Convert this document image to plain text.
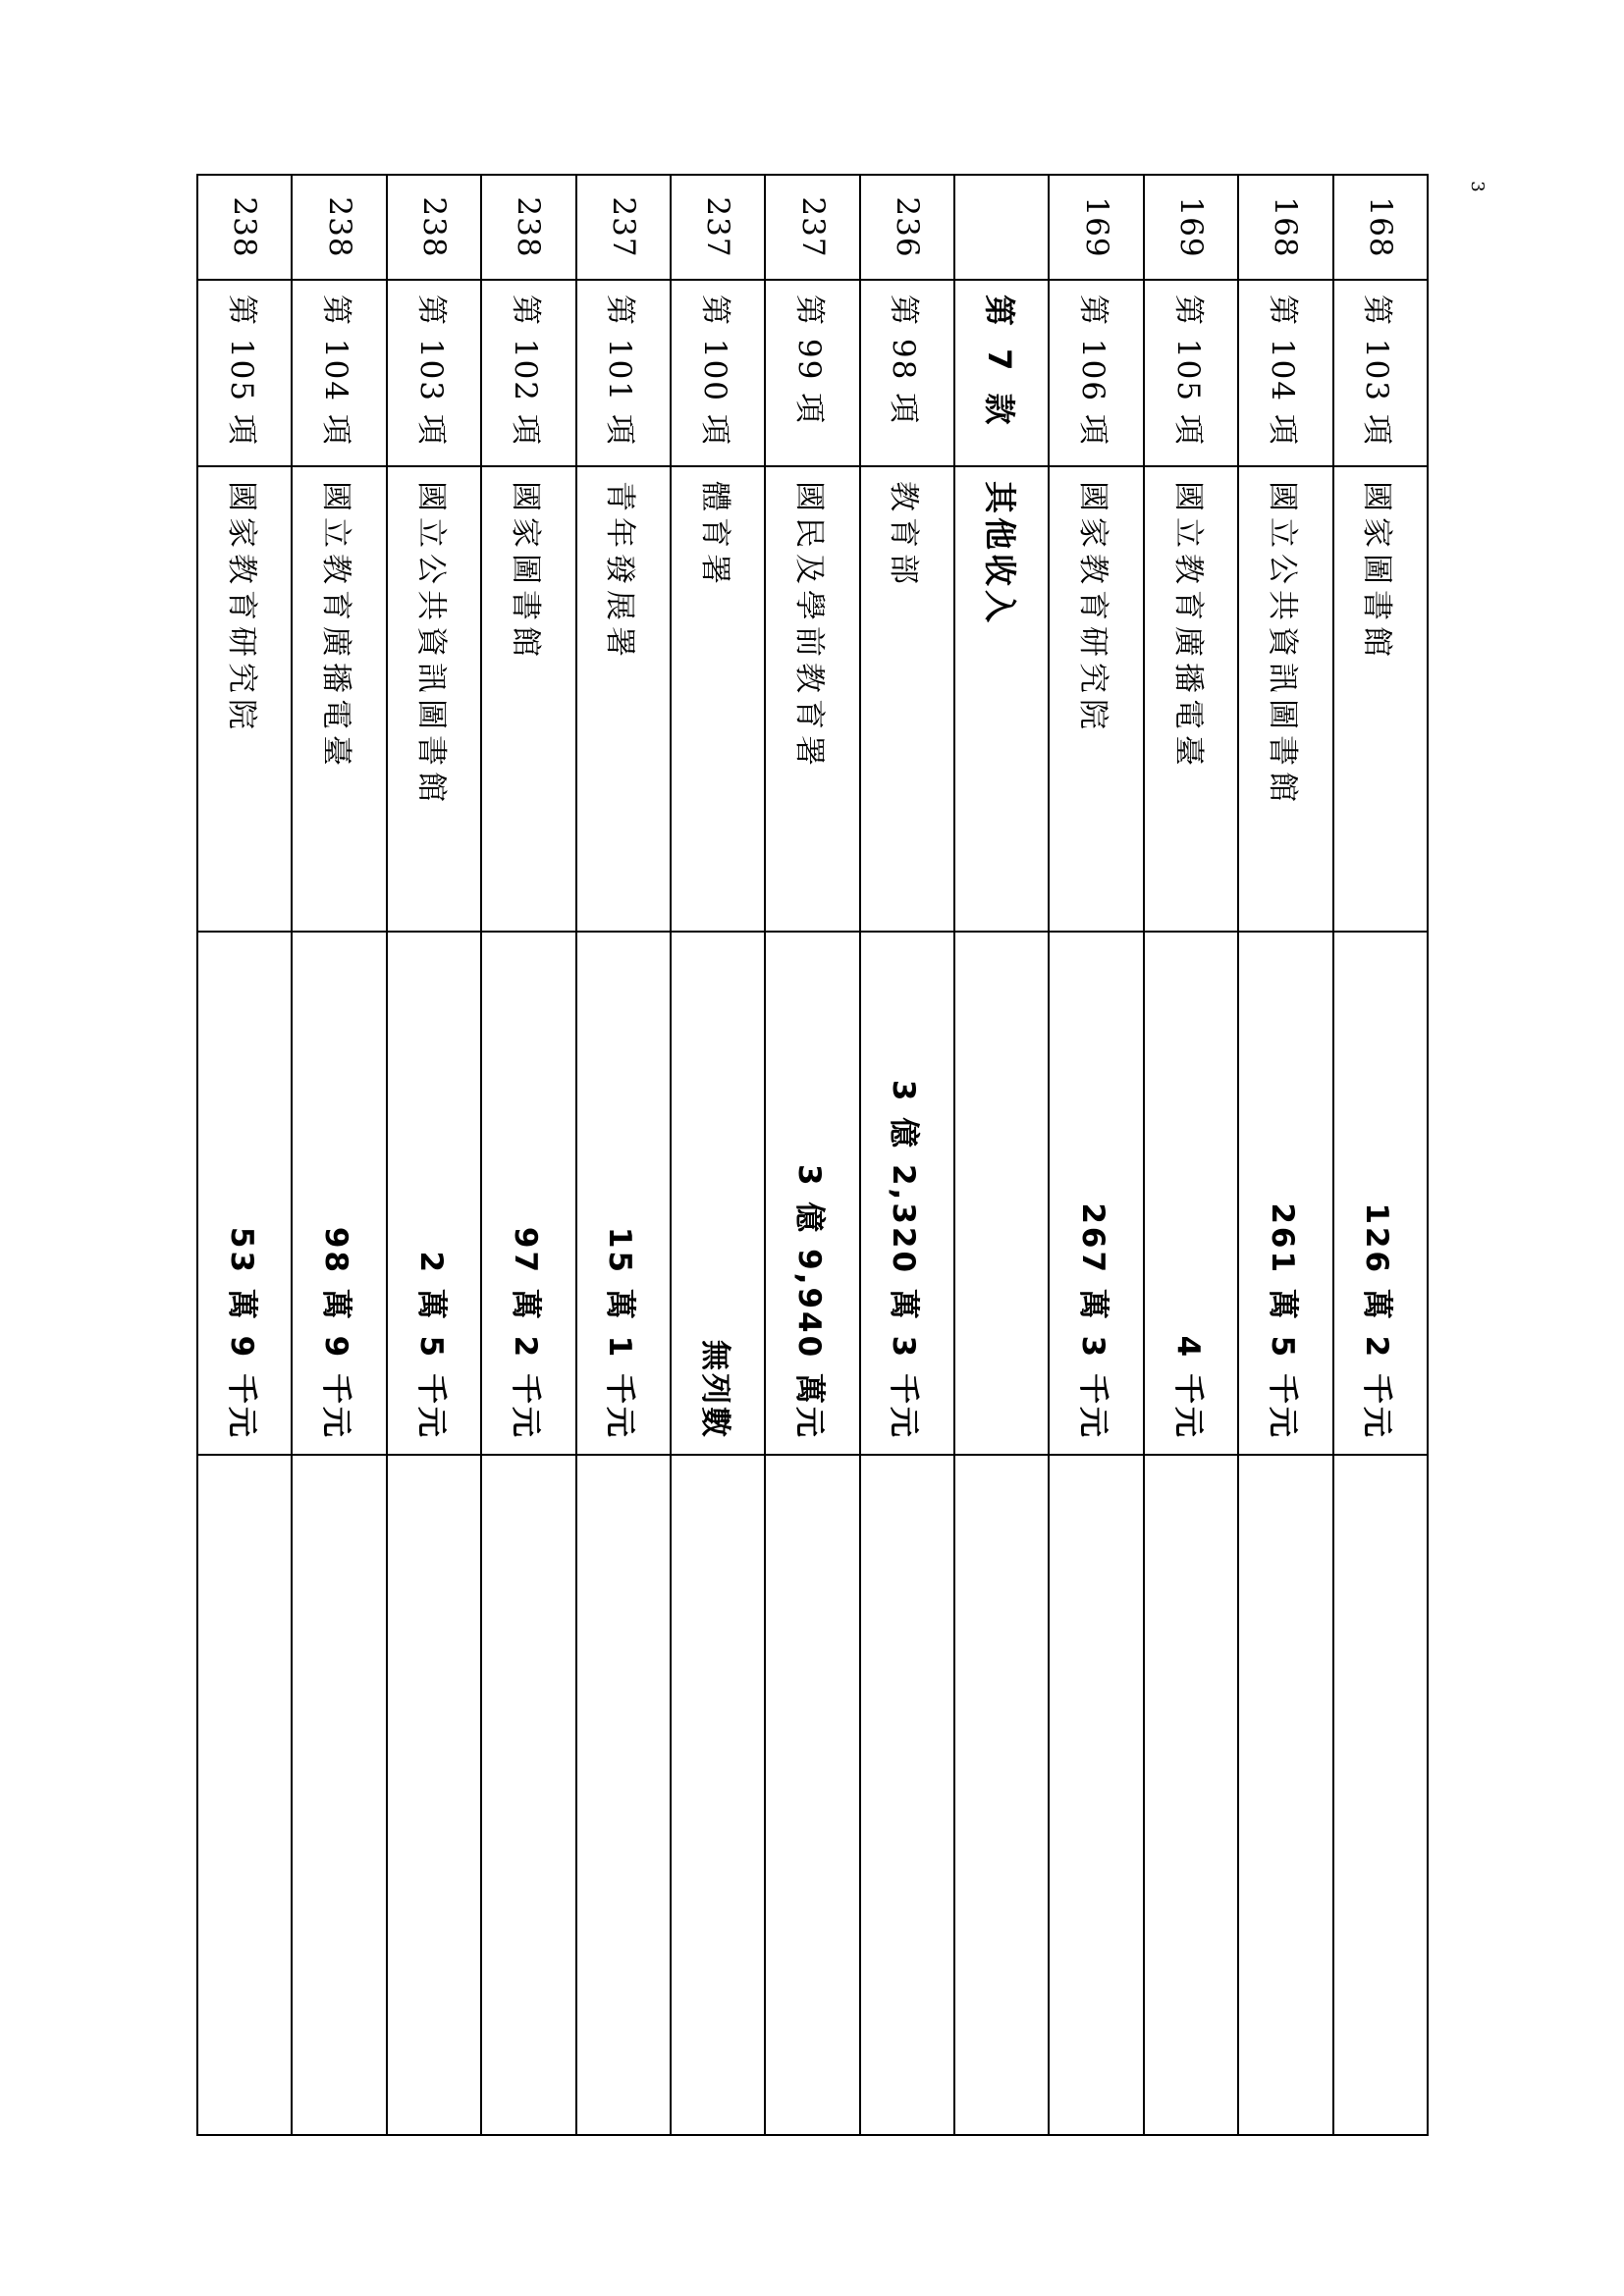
3
168	第 103 項	國家圖書館	126 萬 2 千元	
168	第 104 項	國立公共資訊圖書館	261 萬 5 千元	
169	第 105 項	國立教育廣播電臺	4 千元	
169	第 106 項	國家教育研究院	267 萬 3 千元	
	第 7 款	其他收入		
236	第 98 項	教育部	3 億 2,320 萬 3 千元	
237	第 99 項	國民及學前教育署	3 億 9,940 萬元	
237	第 100 項	體育署	無列數	
237	第 101 項	青年發展署	15 萬 1 千元	
238	第 102 項	國家圖書館	97 萬 2 千元	
238	第 103 項	國立公共資訊圖書館	2 萬 5 千元	
238	第 104 項	國立教育廣播電臺	98 萬 9 千元	
238	第 105 項	國家教育研究院	53 萬 9 千元	
